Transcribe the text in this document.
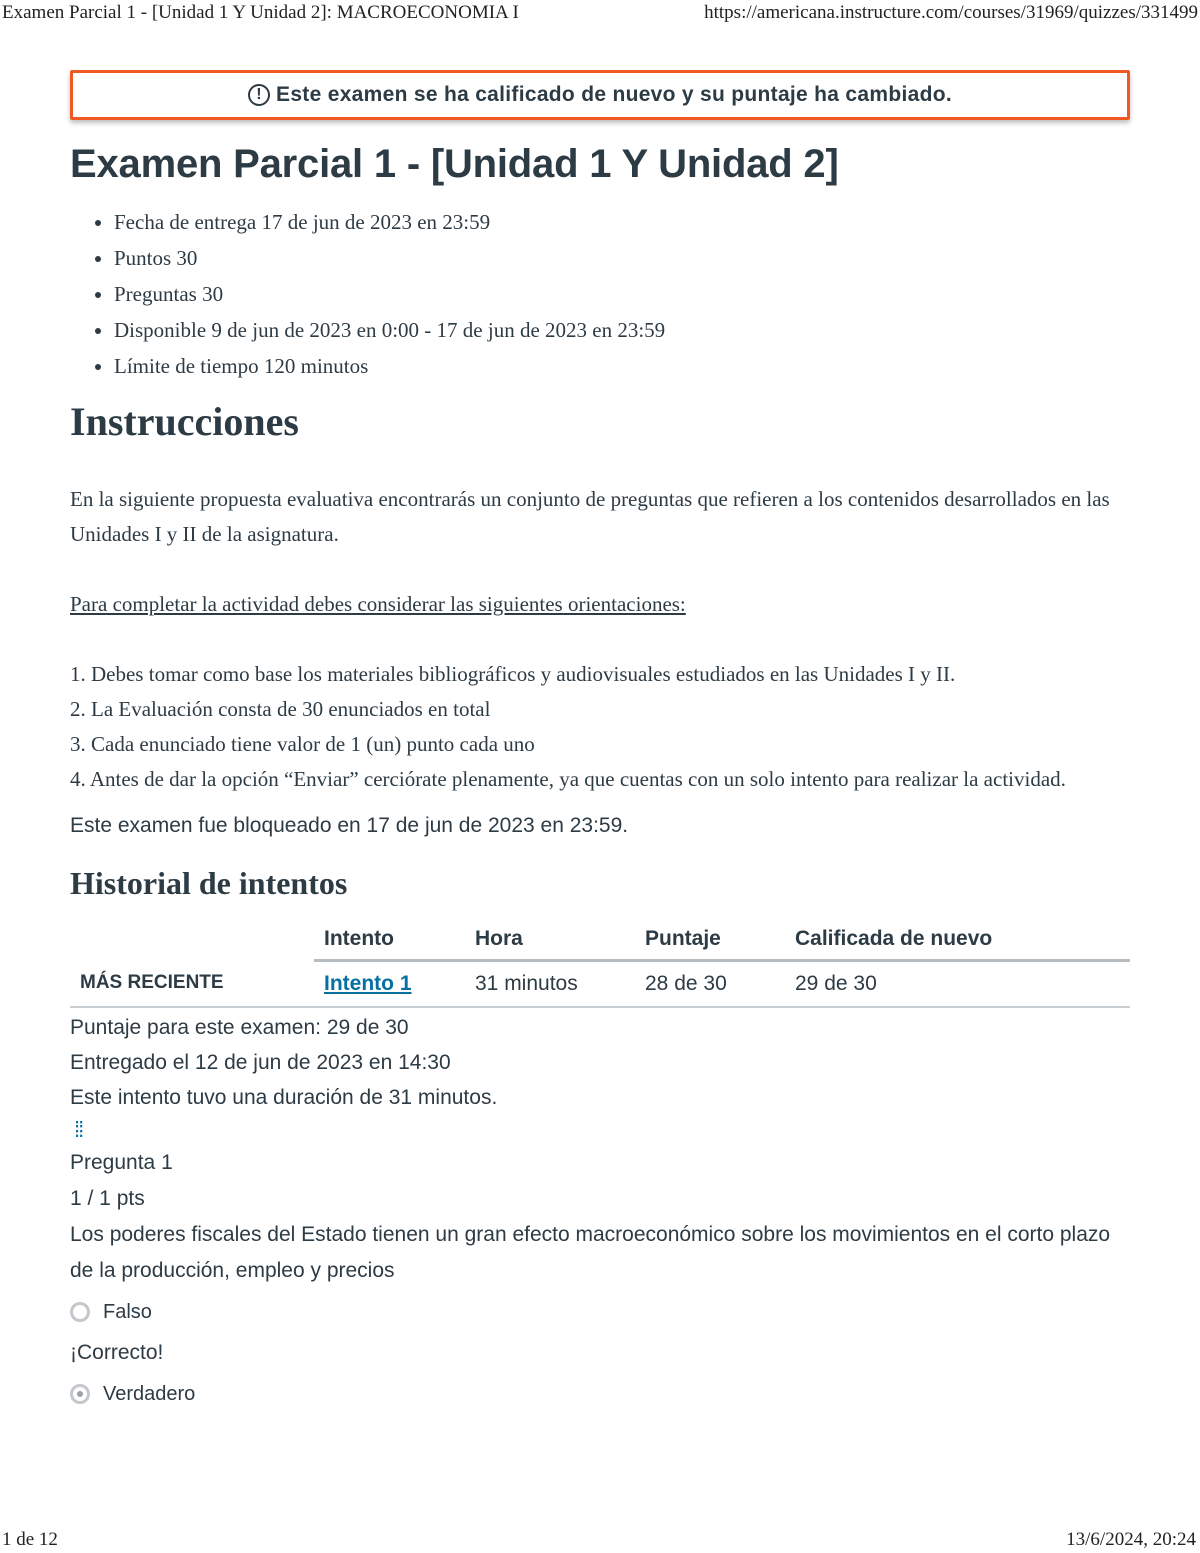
Examen Parcial 1 - [Unidad 1 Y Unidad 2]: MACROECONOMIA I	https://americana.instructure.com/courses/31969/quizzes/331499
! Este examen se ha calificado de nuevo y su puntaje ha cambiado.
Examen Parcial 1 - [Unidad 1 Y Unidad 2]
• Fecha de entrega 17 de jun de 2023 en 23:59
• Puntos 30
• Preguntas 30
• Disponible 9 de jun de 2023 en 0:00 - 17 de jun de 2023 en 23:59
• Límite de tiempo 120 minutos
Instrucciones

En la siguiente propuesta evaluativa encontrarás un conjunto de preguntas que refieren a los contenidos desarrollados en las Unidades I y II de la asignatura.

Para completar la actividad debes considerar las siguientes orientaciones:

1. Debes tomar como base los materiales bibliográficos y audiovisuales estudiados en las Unidades I y II.

2. La Evaluación consta de 30 enunciados en total

3. Cada enunciado tiene valor de 1 (un) punto cada uno

4. Antes de dar la opción “Enviar” cerciórate plenamente, ya que cuentas con un solo intento para realizar la actividad.

Este examen fue bloqueado en 17 de jun de 2023 en 23:59.
Historial de intentos
	Intento	Hora	Puntaje	Calificada de nuevo
MÁS RECIENTE	Intento 1	31 minutos	28 de 30	29 de 30
Puntaje para este examen: 29 de 30
Entregado el 12 de jun de 2023 en 14:30
Este intento tuvo una duración de 31 minutos.
⁞⁞
Pregunta 1
1 / 1 pts
Los poderes fiscales del Estado tienen un gran efecto macroeconómico sobre los movimientos en el corto plazo de la producción, empleo y precios
Falso
¡Correcto!
Verdadero
1 de 12	13/6/2024, 20:24
